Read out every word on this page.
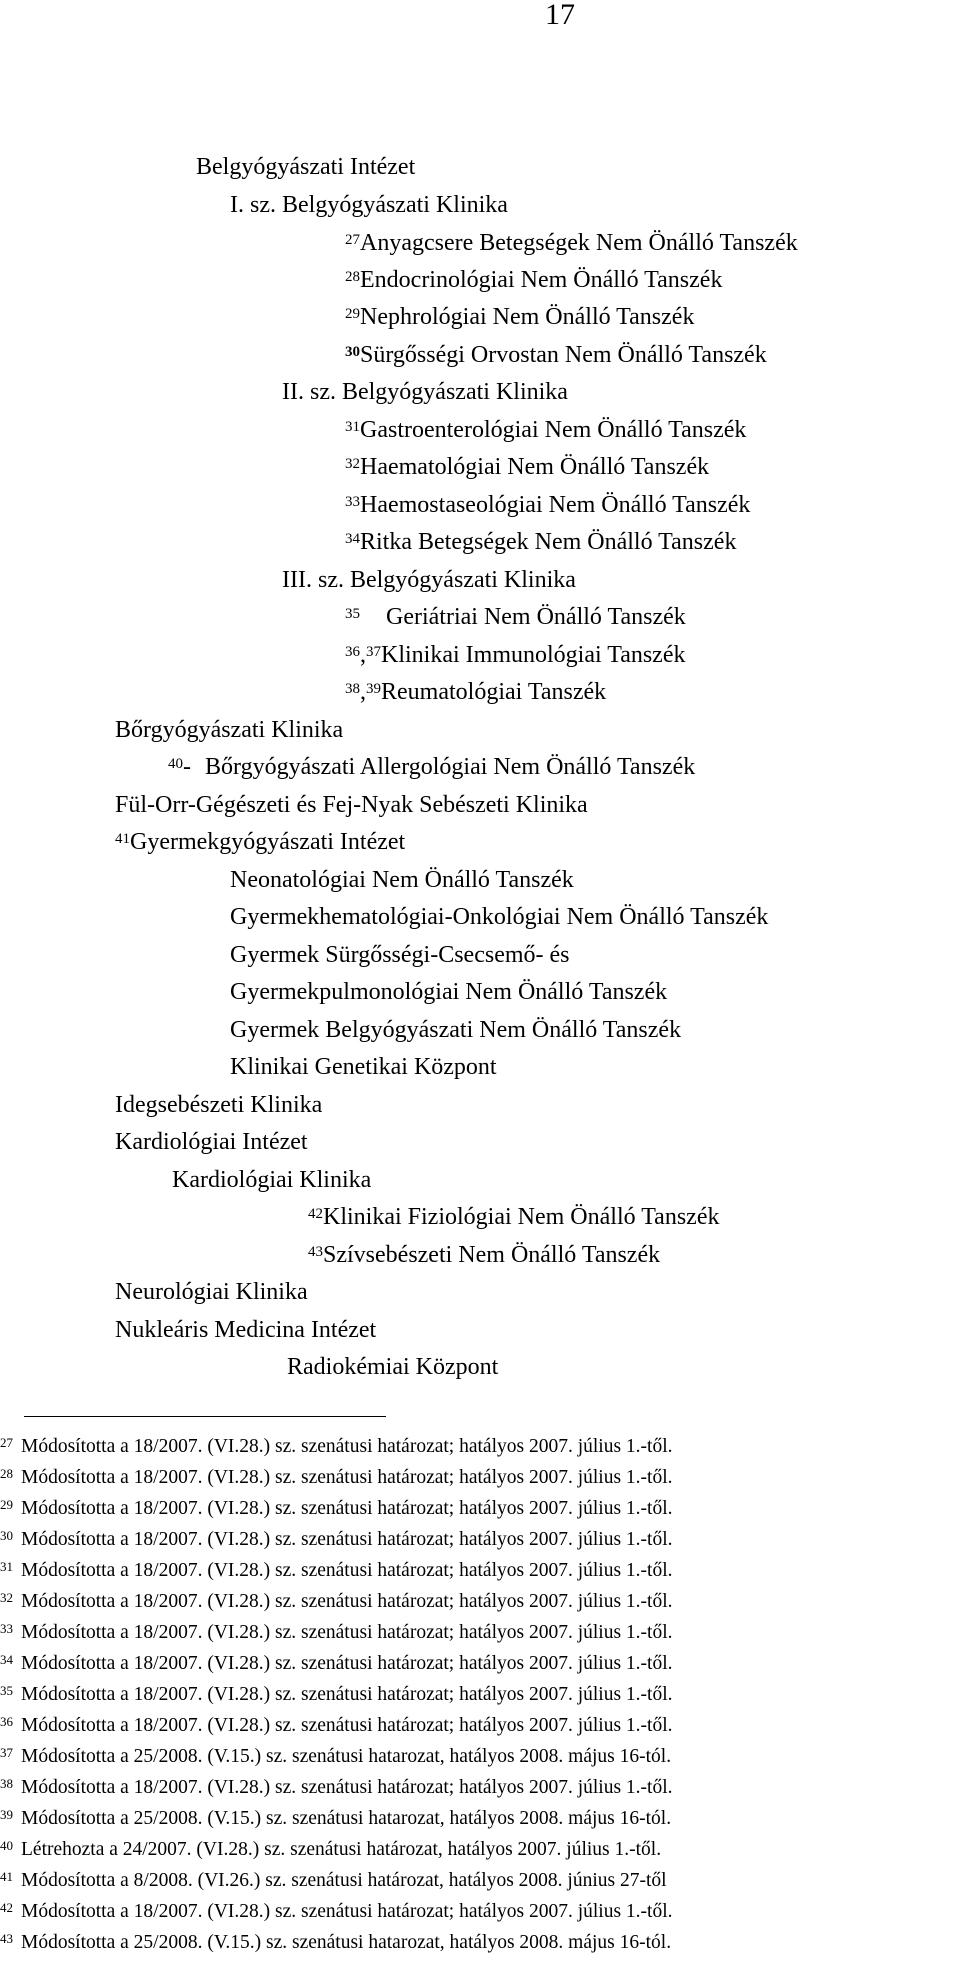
17
Belgyógyászati Intézet
I. sz. Belgyógyászati Klinika
$^{27}$Anyagcsere Betegségek Nem Önálló Tanszék
$^{28}$Endocrinológiai Nem Önálló Tanszék
$^{29}$Nephrológiai Nem Önálló Tanszék
$^{30}$Sürgősségi Orvostan Nem Önálló Tanszék
II. sz. Belgyógyászati Klinika
$^{31}$Gastroenterológiai Nem Önálló Tanszék
$^{32}$Haematológiai Nem Önálló Tanszék
$^{33}$Haemostaseológiai Nem Önálló Tanszék
$^{34}$Ritka Betegségek Nem Önálló Tanszék
III. sz. Belgyógyászati Klinika
$^{35}$ Geriátriai Nem Önálló Tanszék
$^{36}$,$^{37}$Klinikai Immunológiai Tanszék
$^{38}$,$^{39}$Reumatológiai Tanszék
Bőrgyógyászati Klinika
$^{40}$- Bőrgyógyászati Allergológiai Nem Önálló Tanszék
Fül-Orr-Gégészeti és Fej-Nyak Sebészeti Klinika
$^{41}$Gyermekgyógyászati Intézet
Neonatológiai Nem Önálló Tanszék
Gyermekhematológiai-Onkológiai Nem Önálló Tanszék
Gyermek Sürgősségi-Csecsemő- és
Gyermekpulmonológiai Nem Önálló Tanszék
Gyermek Belgyógyászati Nem Önálló Tanszék
Klinikai Genetikai Központ
Idegsebészeti Klinika
Kardiológiai Intézet
Kardiológiai Klinika
$^{42}$Klinikai Fiziológiai Nem Önálló Tanszék
$^{43}$Szívsebészeti Nem Önálló Tanszék
Neurológiai Klinika
Nukleáris Medicina Intézet
Radiokémiai Központ
$^{27}$ Módosította a 18/2007. (VI.28.) sz. szenátusi határozat; hatályos 2007. július 1.-től.
$^{28}$ Módosította a 18/2007. (VI.28.) sz. szenátusi határozat; hatályos 2007. július 1.-től.
$^{29}$ Módosította a 18/2007. (VI.28.) sz. szenátusi határozat; hatályos 2007. július 1.-től.
$^{30}$ Módosította a 18/2007. (VI.28.) sz. szenátusi határozat; hatályos 2007. július 1.-től.
$^{31}$ Módosította a 18/2007. (VI.28.) sz. szenátusi határozat; hatályos 2007. július 1.-től.
$^{32}$ Módosította a 18/2007. (VI.28.) sz. szenátusi határozat; hatályos 2007. július 1.-től.
$^{33}$ Módosította a 18/2007. (VI.28.) sz. szenátusi határozat; hatályos 2007. július 1.-től.
$^{34}$ Módosította a 18/2007. (VI.28.) sz. szenátusi határozat; hatályos 2007. július 1.-től.
$^{35}$ Módosította a 18/2007. (VI.28.) sz. szenátusi határozat; hatályos 2007. július 1.-től.
$^{36}$ Módosította a 18/2007. (VI.28.) sz. szenátusi határozat; hatályos 2007. július 1.-től.
$^{37}$ Módosította a 25/2008. (V.15.) sz. szenátusi hatarozat, hatályos 2008. május 16-tól.
$^{38}$ Módosította a 18/2007. (VI.28.) sz. szenátusi határozat; hatályos 2007. július 1.-től.
$^{39}$ Módosította a 25/2008. (V.15.) sz. szenátusi hatarozat, hatályos 2008. május 16-tól.
$^{40}$ Létrehozta a 24/2007. (VI.28.) sz. szenátusi határozat, hatályos 2007. július 1.-től.
$^{41}$ Módosította a 8/2008. (VI.26.) sz. szenátusi határozat, hatályos 2008. június 27-től
$^{42}$ Módosította a 18/2007. (VI.28.) sz. szenátusi határozat; hatályos 2007. július 1.-től.
$^{43}$ Módosította a 25/2008. (V.15.) sz. szenátusi hatarozat, hatályos 2008. május 16-tól.
